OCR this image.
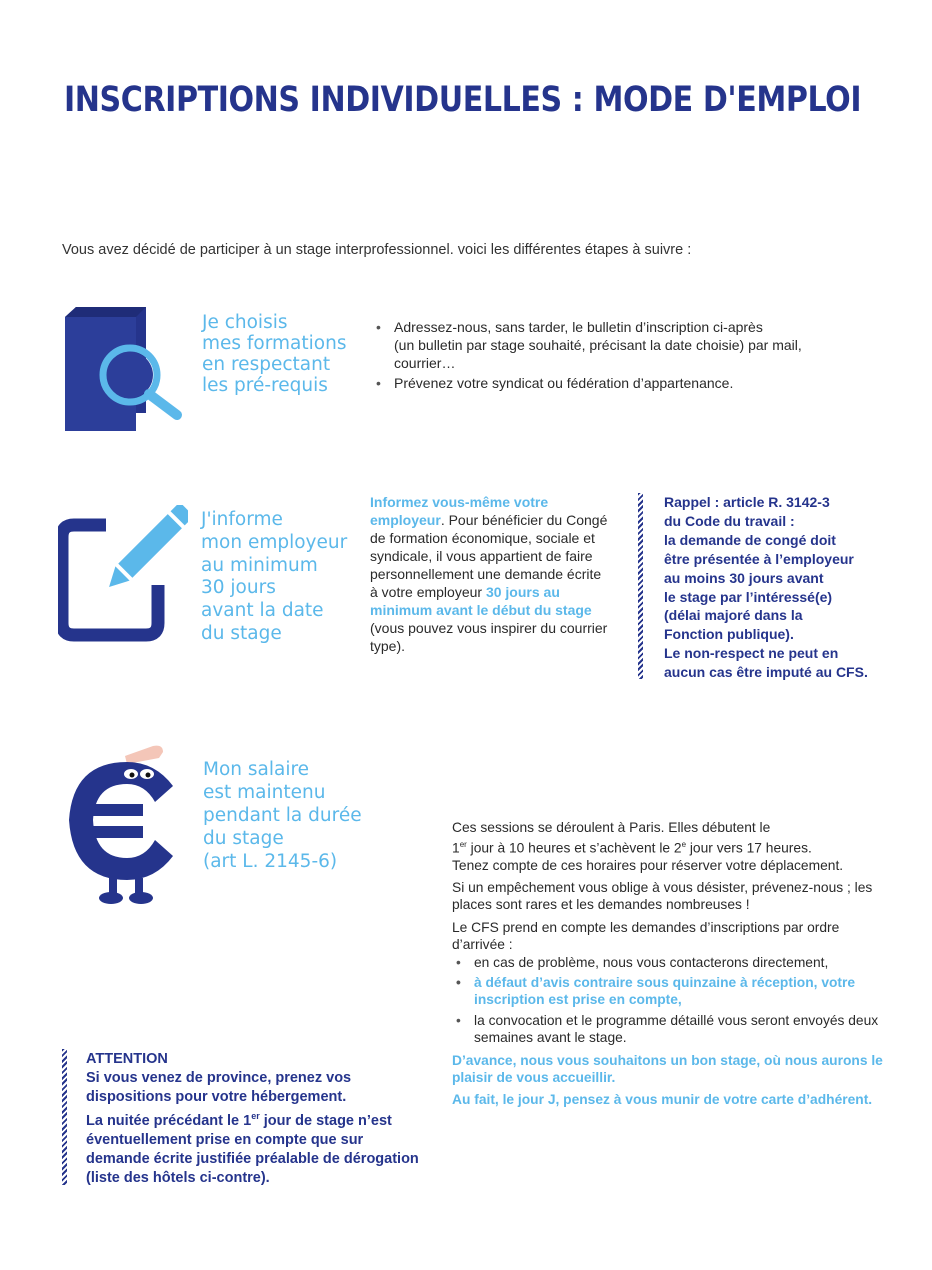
INSCRIPTIONS INDIVIDUELLES : MODE D'EMPLOI
Vous avez décidé de participer à un stage interprofessionnel. voici les différentes étapes à suivre :
Je choisis
mes formations
en respectant
les pré-requis
• Adressez-nous, sans tarder, le bulletin d’inscription ci-après
(un bulletin par stage souhaité, précisant la date choisie) par mail,
courrier…
• Prévenez votre syndicat ou fédération d’appartenance.
J'informe
mon employeur
au minimum
30 jours
avant la date
du stage
Informez vous-même votre employeur. Pour bénéficier du Congé de formation économique, sociale et syndicale, il vous appartient de faire personnellement une demande écrite à votre employeur 30 jours au minimum avant le début du stage (vous pouvez vous inspirer du courrier type).
Rappel : article R. 3142-3
du Code du travail :
la demande de congé doit
être présentée à l’employeur
au moins 30 jours avant
le stage par l’intéressé(e)
(délai majoré dans la
Fonction publique).
Le non-respect ne peut en
aucun cas être imputé au CFS.
Mon salaire
est maintenu
pendant la durée
du stage
(art L. 2145-6)

Ces sessions se déroulent à Paris. Elles débutent le
1er jour à 10 heures et s’achèvent le 2e jour vers 17 heures.
Tenez compte de ces horaires pour réserver votre déplacement.

Si un empêchement vous oblige à vous désister, prévenez-nous ; les places sont rares et les demandes nombreuses !

Le CFS prend en compte les demandes d’inscriptions par ordre d’arrivée :

• en cas de problème, nous vous contacterons directement,
• à défaut d’avis contraire sous quinzaine à réception, votre inscription est prise en compte,
• la convocation et le programme détaillé vous seront envoyés deux semaines avant le stage.

D’avance, nous vous souhaitons un bon stage, où nous aurons le plaisir de vous accueillir.

Au fait, le jour J, pensez à vous munir de votre carte d’adhérent.

ATTENTION
Si vous venez de province, prenez vos dispositions pour votre hébergement.
La nuitée précédant le 1er jour de stage n’est éventuellement prise en compte que sur demande écrite justifiée préalable de dérogation (liste des hôtels ci-contre).
